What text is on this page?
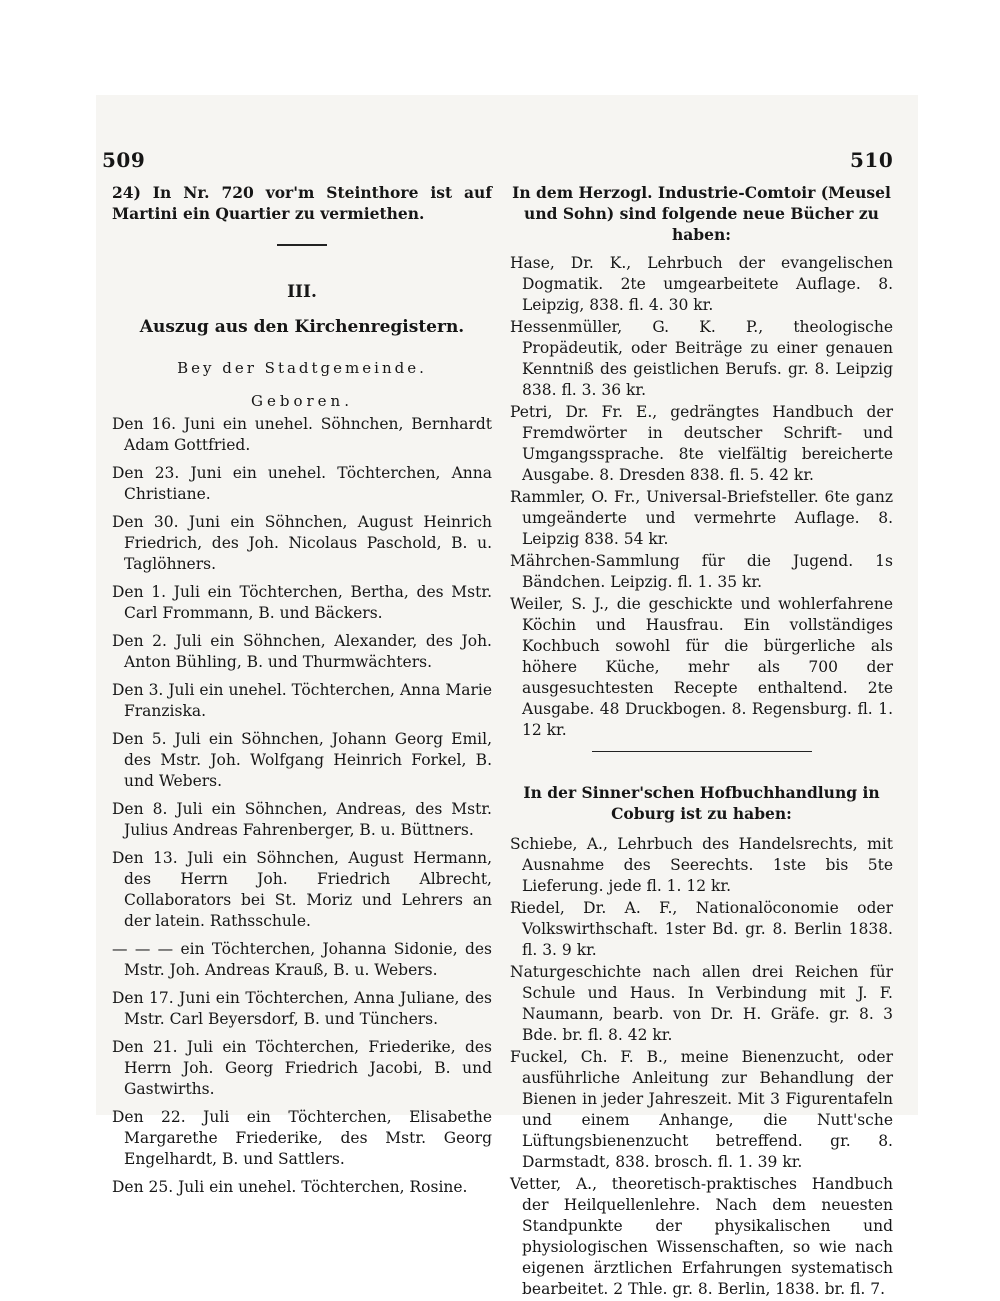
509	510

24) In Nr. 720 vor'm Steinthore ist auf Martini ein Quartier zu vermiethen.

III.
Auszug aus den Kirchenregistern.
Bey der Stadtgemeinde.
Geboren.

Den 16. Juni ein unehel. Söhnchen, Bernhardt Adam Gottfried.

Den 23. Juni ein unehel. Töchterchen, Anna Christiane.

Den 30. Juni ein Söhnchen, August Heinrich Friedrich, des Joh. Nicolaus Paschold, B. u. Taglöhners.

Den 1. Juli ein Töchterchen, Bertha, des Mstr. Carl Frommann, B. und Bäckers.

Den 2. Juli ein Söhnchen, Alexander, des Joh. Anton Bühling, B. und Thurmwächters.

Den 3. Juli ein unehel. Töchterchen, Anna Marie Franziska.

Den 5. Juli ein Söhnchen, Johann Georg Emil, des Mstr. Joh. Wolfgang Heinrich Forkel, B. und Webers.

Den 8. Juli ein Söhnchen, Andreas, des Mstr. Julius Andreas Fahrenberger, B. u. Büttners.

Den 13. Juli ein Söhnchen, August Hermann, des Herrn Joh. Friedrich Albrecht, Collaborators bei St. Moriz und Lehrers an der latein. Rathsschule.

— — — ein Töchterchen, Johanna Sidonie, des Mstr. Joh. Andreas Krauß, B. u. Webers.

Den 17. Juni ein Töchterchen, Anna Juliane, des Mstr. Carl Beyersdorf, B. und Tünchers.

Den 21. Juli ein Töchterchen, Friederike, des Herrn Joh. Georg Friedrich Jacobi, B. und Gastwirths.

Den 22. Juli ein Töchterchen, Elisabethe Margarethe Friederike, des Mstr. Georg Engelhardt, B. und Sattlers.

Den 25. Juli ein unehel. Töchterchen, Rosine.

In dem Herzogl. Industrie-Comtoir (Meusel und Sohn) sind folgende neue Bücher zu haben:

Hase, Dr. K., Lehrbuch der evangelischen Dogmatik. 2te umgearbeitete Auflage. 8. Leipzig, 838. fl. 4. 30 kr.

Hessenmüller, G. K. P., theologische Propädeutik, oder Beiträge zu einer genauen Kenntniß des geistlichen Berufs. gr. 8. Leipzig 838. fl. 3. 36 kr.

Petri, Dr. Fr. E., gedrängtes Handbuch der Fremdwörter in deutscher Schrift- und Umgangssprache. 8te vielfältig bereicherte Ausgabe. 8. Dresden 838. fl. 5. 42 kr.

Rammler, O. Fr., Universal-Briefsteller. 6te ganz umgeänderte und vermehrte Auflage. 8. Leipzig 838. 54 kr.

Mährchen-Sammlung für die Jugend. 1s Bändchen. Leipzig. fl. 1. 35 kr.

Weiler, S. J., die geschickte und wohlerfahrene Köchin und Hausfrau. Ein vollständiges Kochbuch sowohl für die bürgerliche als höhere Küche, mehr als 700 der ausgesuchtesten Recepte enthaltend. 2te Ausgabe. 48 Druckbogen. 8. Regensburg. fl. 1. 12 kr.

In der Sinner'schen Hofbuchhandlung in Coburg ist zu haben:

Schiebe, A., Lehrbuch des Handelsrechts, mit Ausnahme des Seerechts. 1ste bis 5te Lieferung. jede fl. 1. 12 kr.

Riedel, Dr. A. F., Nationalöconomie oder Volkswirthschaft. 1ster Bd. gr. 8. Berlin 1838. fl. 3. 9 kr.

Naturgeschichte nach allen drei Reichen für Schule und Haus. In Verbindung mit J. F. Naumann, bearb. von Dr. H. Gräfe. gr. 8. 3 Bde. br. fl. 8. 42 kr.

Fuckel, Ch. F. B., meine Bienenzucht, oder ausführliche Anleitung zur Behandlung der Bienen in jeder Jahreszeit. Mit 3 Figurentafeln und einem Anhange, die Nutt'sche Lüftungsbienenzucht betreffend. gr. 8. Darmstadt, 838. brosch. fl. 1. 39 kr.

Vetter, A., theoretisch-praktisches Handbuch der Heilquellenlehre. Nach dem neuesten Standpunkte der physikalischen und physiologischen Wissenschaften, so wie nach eigenen ärztlichen Erfahrungen systematisch bearbeitet. 2 Thle. gr. 8. Berlin, 1838. br. fl. 7.
